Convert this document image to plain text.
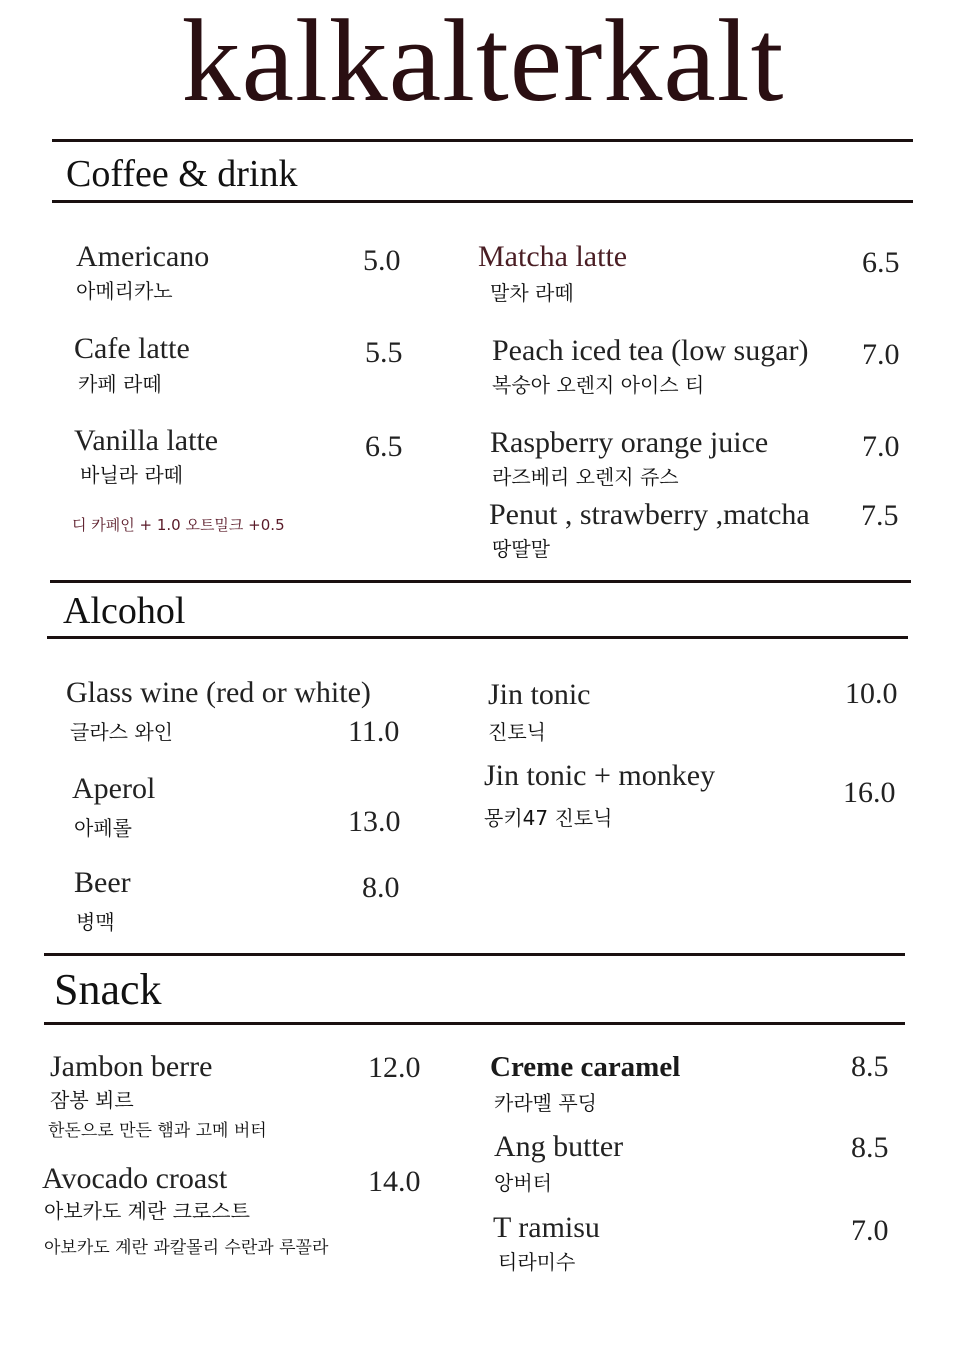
kalkalterkalt
Coffee & drink
Americano
아메리카노
5.0
Cafe latte
카페 라떼
5.5
Vanilla latte
바닐라 라떼
6.5
디 카페인 + 1.0 오트밀크 +0.5
Matcha latte
말차 라떼
6.5
Peach iced tea (low sugar)
복숭아 오렌지 아이스 티
7.0
Raspberry orange juice
라즈베리 오렌지 쥬스
7.0
Penut , strawberry ,matcha
땅딸말
7.5
Alcohol
Glass wine (red or white)
글라스 와인	11.0
Aperol
아페롤	13.0
Beer
병맥
8.0
Jin tonic
진토닉
10.0
Jin tonic + monkey
몽키47 진토닉
16.0
Snack
Jambon berre
잠봉 뵈르
한돈으로 만든 햄과 고메 버터
12.0
Avocado croast
아보카도 계란 크로스트
아보카도 계란 과칼몰리 수란과 루꼴라
14.0
Creme caramel
카라멜 푸딩
8.5
Ang butter
앙버터
8.5
T ramisu
티라미수
7.0
